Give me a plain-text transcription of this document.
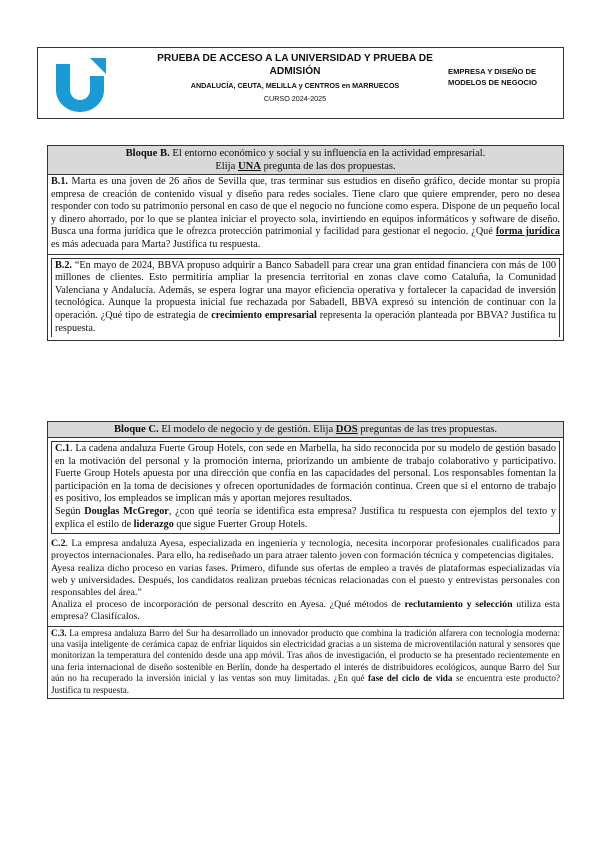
PRUEBA DE ACCESO A LA UNIVERSIDAD Y PRUEBA DE ADMISIÓN
ANDALUCÍA, CEUTA, MELILLA y CENTROS en MARRUECOS
CURSO 2024-2025
EMPRESA Y DISEÑO DE MODELOS DE NEGOCIO
Bloque B. El entorno económico y social y su influencia en la actividad empresarial.
Elija UNA pregunta de las dos propuestas.

B.1. Marta es una joven de 26 años de Sevilla que, tras terminar sus estudios en diseño gráfico, decide montar su propia empresa de creación de contenido visual y diseño para redes sociales. Tiene claro que quiere emprender, pero no desea responder con todo su patrimonio personal en caso de que el negocio no funcione como espera. Dispone de un pequeño local y dinero ahorrado, por lo que se plantea iniciar el proyecto sola, invirtiendo en equipos informáticos y software de diseño. Busca una forma jurídica que le ofrezca protección patrimonial y facilidad para gestionar el negocio. ¿Qué forma jurídica es más adecuada para Marta? Justifica tu respuesta.

B.2. “En mayo de 2024, BBVA propuso adquirir a Banco Sabadell para crear una gran entidad financiera con más de 100 millones de clientes. Esto permitiría ampliar la presencia territorial en zonas clave como Cataluña, la Comunidad Valenciana y Andalucía. Además, se espera lograr una mayor eficiencia operativa y fortalecer la capacidad de inversión tecnológica. Aunque la propuesta inicial fue rechazada por Sabadell, BBVA expresó su intención de continuar con la operación. ¿Qué tipo de estrategia de crecimiento empresarial representa la operación planteada por BBVA? Justifica tu respuesta.

Bloque C. El modelo de negocio y de gestión. Elija DOS preguntas de las tres propuestas.

C.1. La cadena andaluza Fuerte Group Hotels, con sede en Marbella, ha sido reconocida por su modelo de gestión basado en la motivación del personal y la promoción interna, priorizando un ambiente de trabajo colaborativo y participativo. Fuerte Group Hotels apuesta por una dirección que confía en las capacidades del personal. Los responsables fomentan la participación en la toma de decisiones y ofrecen oportunidades de formación continua. Creen que si el entorno de trabajo es positivo, los empleados se implican más y aportan mejores resultados.

Según Douglas McGregor, ¿con qué teoría se identifica esta empresa? Justifica tu respuesta con ejemplos del texto y explica el estilo de liderazgo que sigue Fuerter Group Hotels.

C.2. La empresa andaluza Ayesa, especializada en ingeniería y tecnología, necesita incorporar profesionales cualificados para proyectos internacionales. Para ello, ha rediseñado un para atraer talento joven con formación técnica y competencias digitales.

Ayesa realiza dicho proceso en varias fases. Primero, difunde sus ofertas de empleo a través de plataformas especializadas vía web y universidades. Después, los candidatos realizan pruebas técnicas relacionadas con el puesto y entrevistas personales con responsables del área.”

Analiza el proceso de incorporación de personal descrito en Ayesa. ¿Qué métodos de reclutamiento y selección utiliza esta empresa? Clasifícalos.

C.3. La empresa andaluza Barro del Sur ha desarrollado un innovador producto que combina la tradición alfarera con tecnología moderna: una vasija inteligente de cerámica capaz de enfriar líquidos sin electricidad gracias a un sistema de microventilación natural y sensores que monitorizan la temperatura del contenido desde una app móvil. Tras años de investigación, el producto se ha presentado recientemente en una feria internacional de diseño sostenible en Berlín, donde ha despertado el interés de distribuidores ecológicos, aunque Barro del Sur aún no ha recuperado la inversión inicial y las ventas son muy limitadas. ¿En qué fase del ciclo de vida se encuentra este producto? Justifica tu respuesta.
